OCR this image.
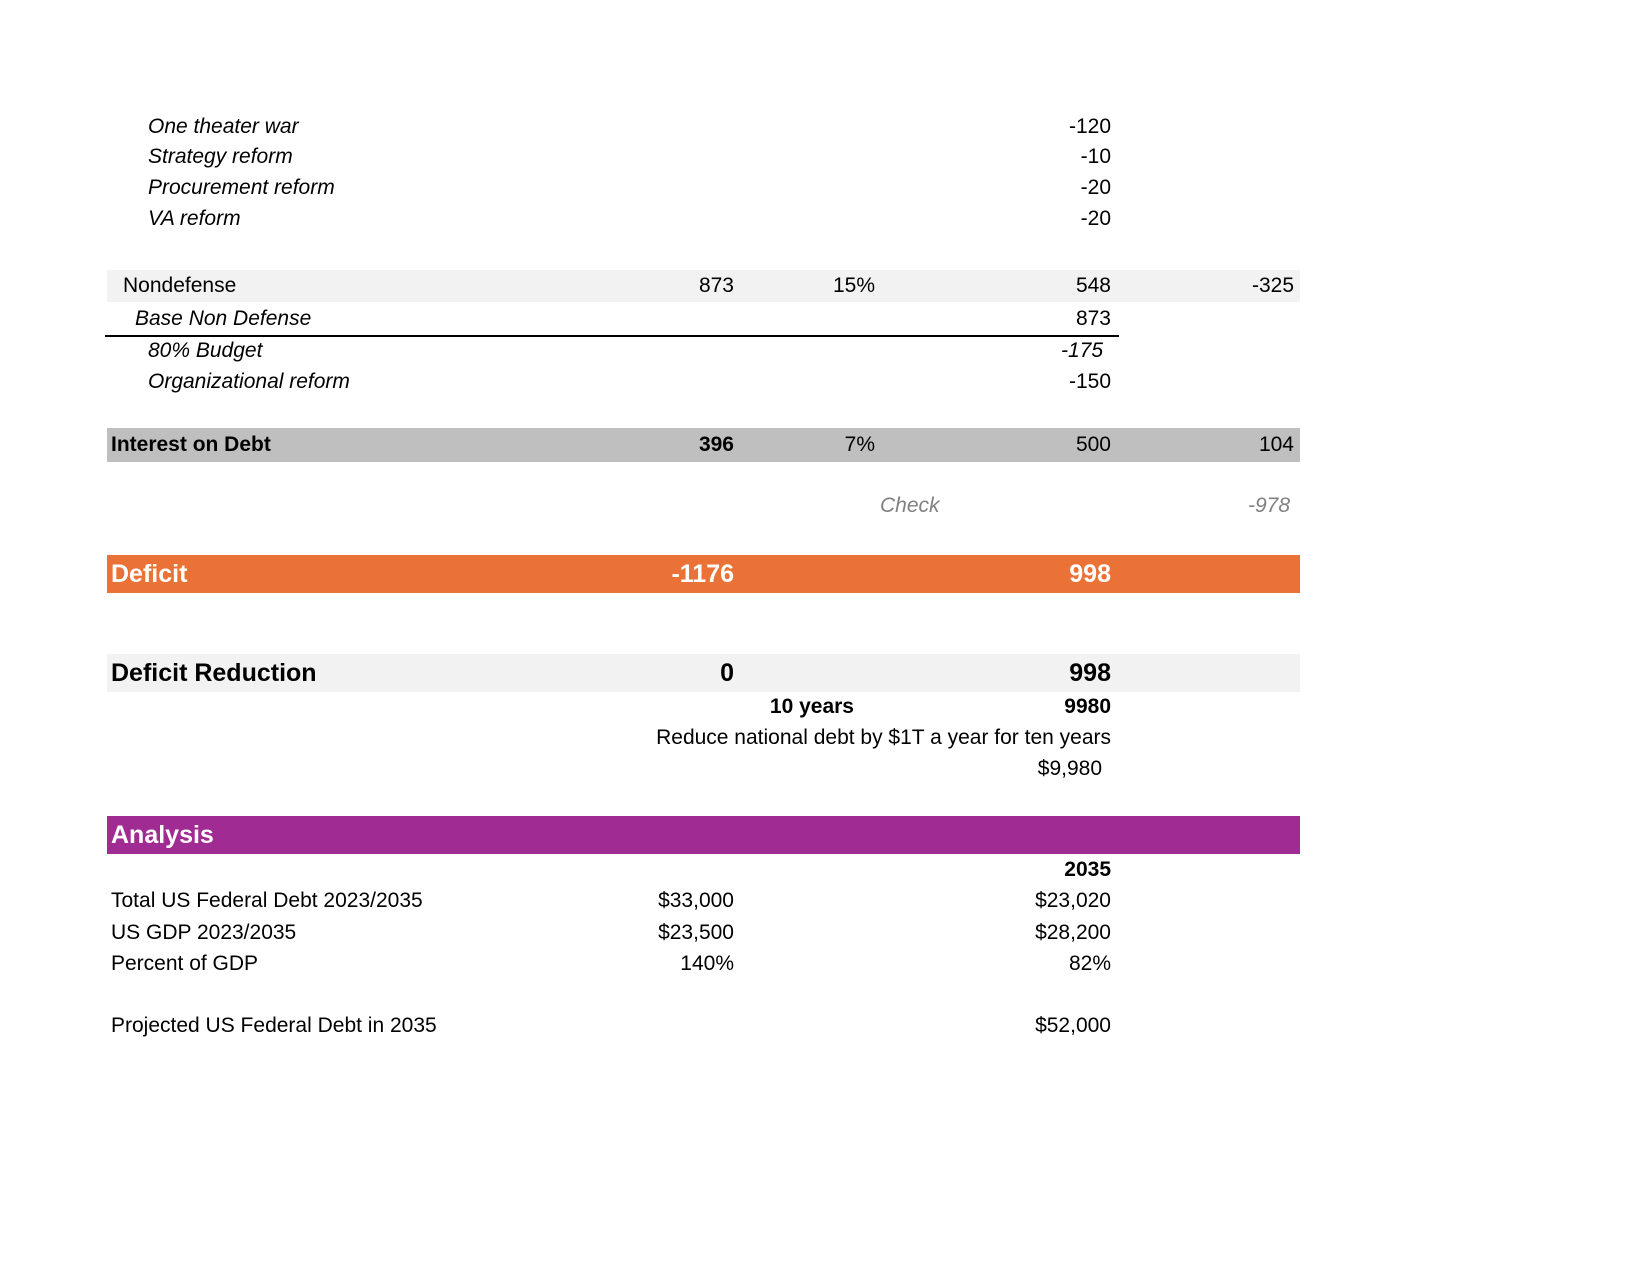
One theater war	-120
Strategy reform	-10
Procurement reform	-20
VA reform	-20
Nondefense	873	15%	548	-325
Base Non Defense	873
80% Budget	-175
Organizational reform	-150
Interest on Debt	396	7%	500	104
Check	-978
Deficit	-1176	998
Deficit Reduction	0	998
10 years	9980
Reduce national debt by $1T a year for ten years
$9,980
Analysis
2035
Total US Federal Debt 2023/2035	$33,000	$23,020
US GDP 2023/2035	$23,500	$28,200
Percent of GDP	140%	82%
Projected US Federal Debt in 2035	$52,000
